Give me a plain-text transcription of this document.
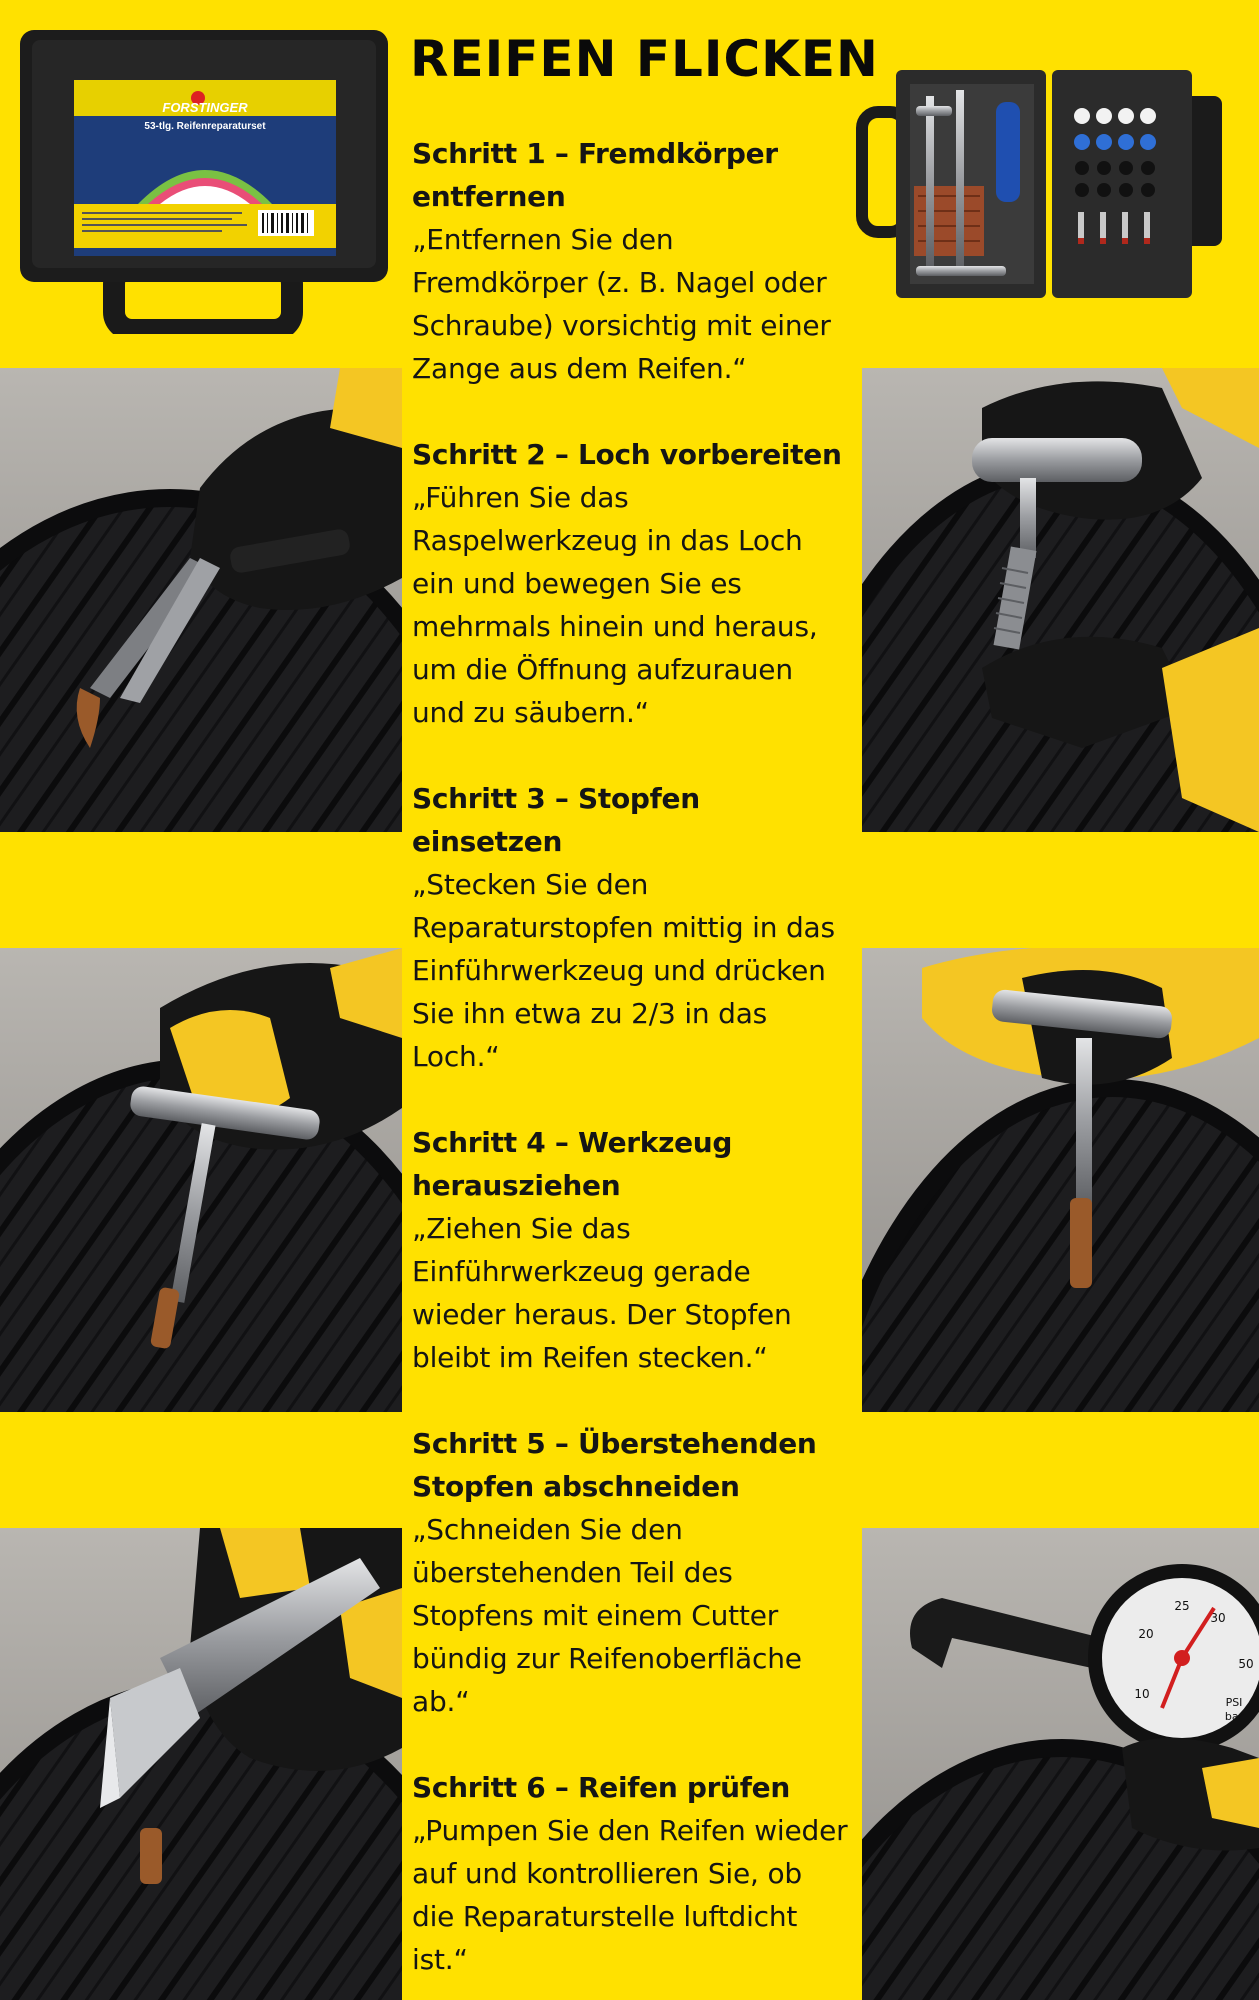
REIFEN FLICKEN
FORSTINGER
53-tlg. Reifenreparaturset
10
20
25
30
50
PSI
bar
Schritt 1 – Fremdkörper entfernen
„Entfernen Sie den Fremdkörper (z. B. Nagel oder Schraube) vorsichtig mit einer Zange aus dem Reifen.“
Schritt 2 – Loch vorbereiten
„Führen Sie das Raspelwerkzeug in das Loch ein und bewegen Sie es mehrmals hinein und heraus, um die Öffnung aufzurauen und zu säubern.“
Schritt 3 – Stopfen einsetzen
„Stecken Sie den Reparaturstopfen mittig in das Einführwerkzeug und drücken Sie ihn etwa zu 2/3 in das Loch.“
Schritt 4 – Werkzeug herausziehen
„Ziehen Sie das Einführwerkzeug gerade wieder heraus. Der Stopfen bleibt im Reifen stecken.“
Schritt 5 – Überstehenden Stopfen abschneiden
„Schneiden Sie den überstehenden Teil des Stopfens mit einem Cutter bündig zur Reifenoberfläche ab.“
Schritt 6 – Reifen prüfen
„Pumpen Sie den Reifen wieder auf und kontrollieren Sie, ob die Reparaturstelle luftdicht ist.“
